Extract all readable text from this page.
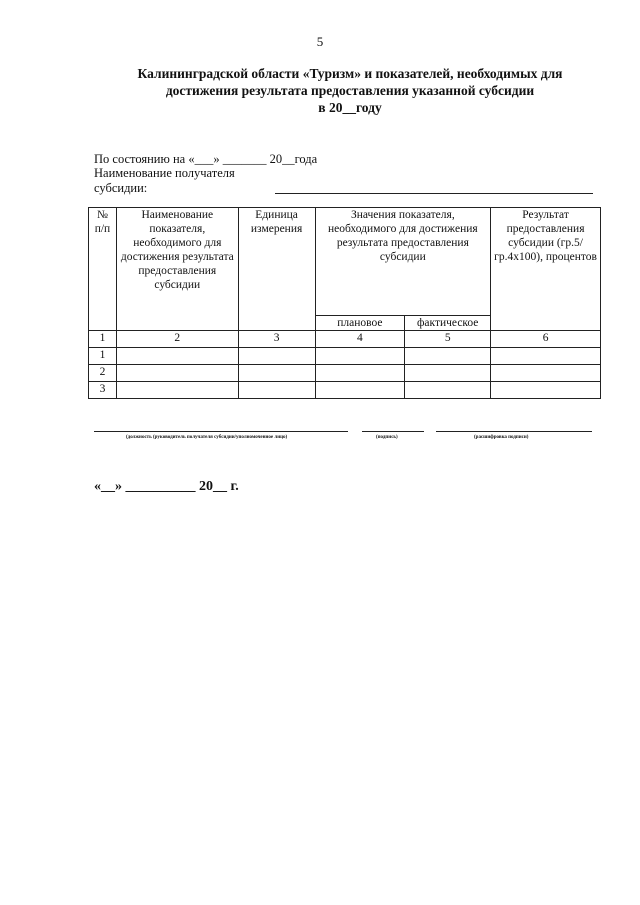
5
Калининградской области «Туризм» и показателей, необходимых для
достижения результата предоставления указанной субсидии
в 20__году
По состоянию на «___» _______ 20__года
Наименование получателя
субсидии:
№ п/п	Наименование показателя, необходимого для достижения результата предоставления субсидии	Единица измерения	Значения показателя, необходимого для достижения результата предоставления субсидии		Результат предоставления субсидии (гр.5/гр.4х100), процентов
			плановое	фактическое	
1	2	3	4	5	6
1					
2					
3					
(должность (руководитель получателя субсидии/уполномоченное лицо)	(подпись)	(расшифровка подписи)
«__» __________ 20__ г.
